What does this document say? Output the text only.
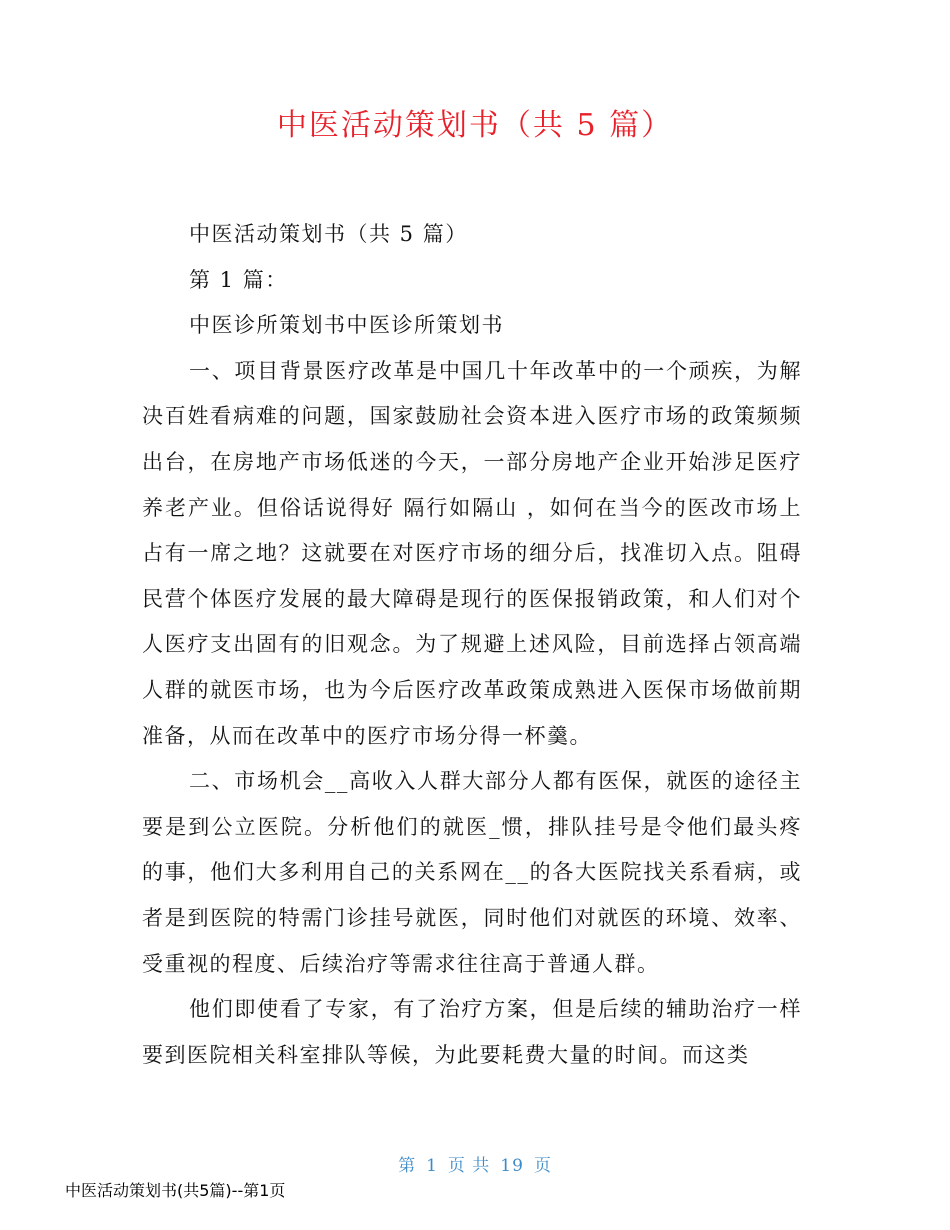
中医活动策划书（共 5 篇）

中医活动策划书（共 5 篇）

第 1 篇：

中医诊所策划书中医诊所策划书

一、项目背景医疗改革是中国几十年改革中的一个顽疾，为解决百姓看病难的问题，国家鼓励社会资本进入医疗市场的政策频频出台，在房地产市场低迷的今天，一部分房地产企业开始涉足医疗养老产业。但俗话说得好 隔行如隔山 ，如何在当今的医改市场上占有一席之地？这就要在对医疗市场的细分后，找准切入点。阻碍民营个体医疗发展的最大障碍是现行的医保报销政策，和人们对个人医疗支出固有的旧观念。为了规避上述风险，目前选择占领高端人群的就医市场，也为今后医疗改革政策成熟进入医保市场做前期准备，从而在改革中的医疗市场分得一杯羹。

二、市场机会__高收入人群大部分人都有医保，就医的途径主要是到公立医院。分析他们的就医_惯，排队挂号是令他们最头疼的事，他们大多利用自己的关系网在__的各大医院找关系看病，或者是到医院的特需门诊挂号就医，同时他们对就医的环境、效率、受重视的程度、后续治疗等需求往往高于普通人群。

他们即使看了专家，有了治疗方案，但是后续的辅助治疗一样要到医院相关科室排队等候，为此要耗费大量的时间。而这类

第 1 页 共 19 页
中医活动策划书(共5篇)--第1页
